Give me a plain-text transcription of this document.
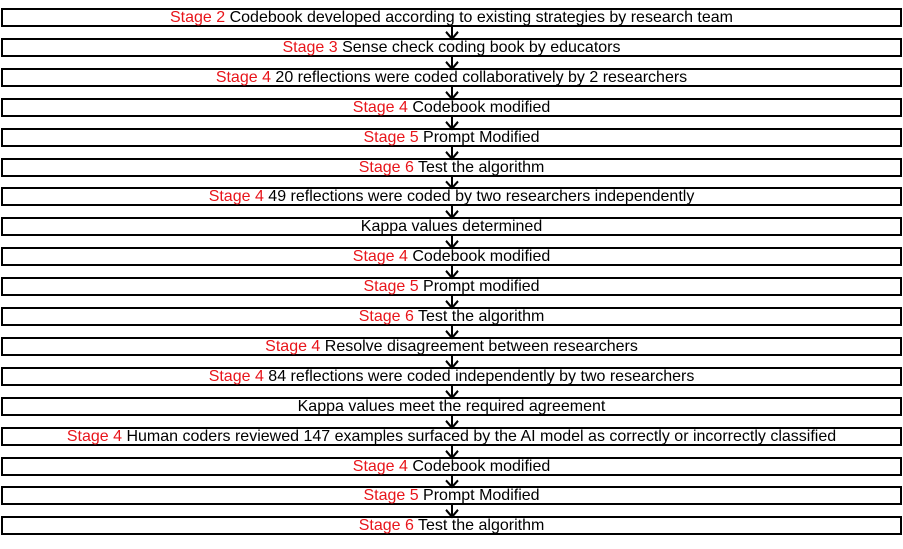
Stage 2 Codebook developed according to existing strategies by research team
Stage 3 Sense check coding book by educators
Stage 4 20 reflections were coded collaboratively by 2 researchers
Stage 4 Codebook modified
Stage 5 Prompt Modified
Stage 6 Test the algorithm
Stage 4 49 reflections were coded by two researchers independently
Kappa values determined
Stage 4 Codebook modified
Stage 5 Prompt modified
Stage 6 Test the algorithm
Stage 4 Resolve disagreement between researchers
Stage 4 84 reflections were coded independently by two researchers
Kappa values meet the required agreement
Stage 4 Human coders reviewed 147 examples surfaced by the AI model as correctly or incorrectly classified
Stage 4 Codebook modified
Stage 5 Prompt Modified
Stage 6 Test the algorithm
